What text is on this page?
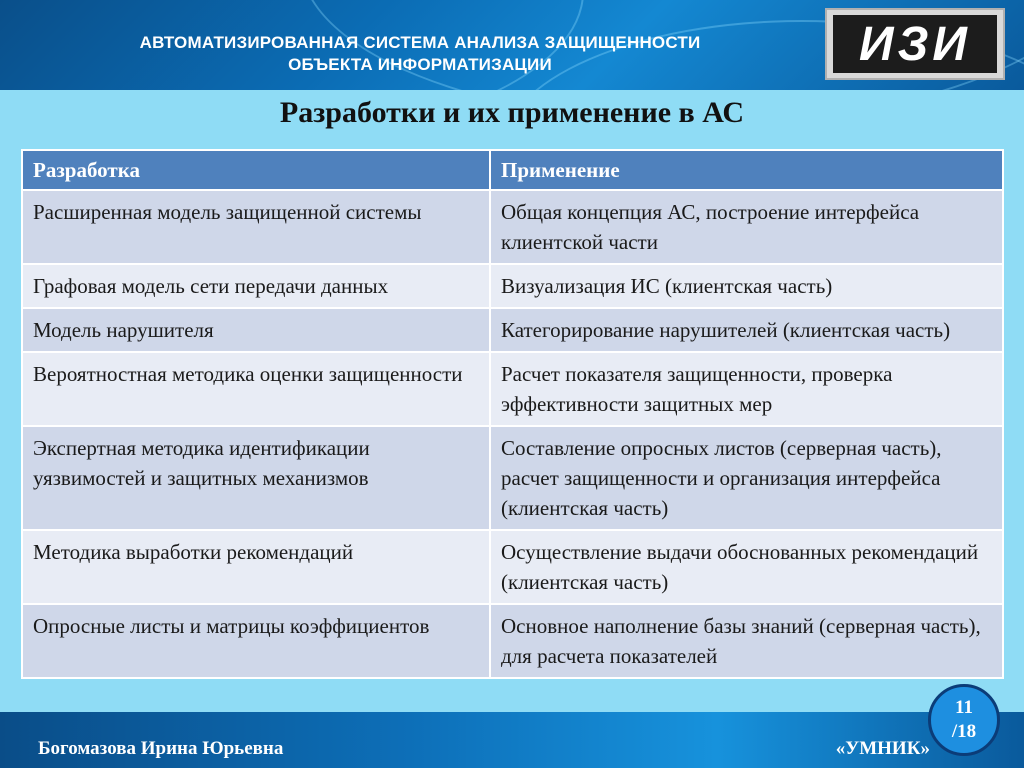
АВТОМАТИЗИРОВАННАЯ СИСТЕМА АНАЛИЗА ЗАЩИЩЕННОСТИ
ОБЪЕКТА ИНФОРМАТИЗАЦИИ	ИЗИ
Разработки и их применение в АС
Разработка	Применение
Расширенная модель защищенной системы	Общая концепция АС, построение интерфейса клиентской части
Графовая модель сети передачи данных	Визуализация ИС (клиентская часть)
Модель нарушителя	Категорирование нарушителей (клиентская часть)
Вероятностная методика оценки защищенности	Расчет показателя защищенности, проверка эффективности защитных мер
Экспертная методика идентификации уязвимостей и защитных механизмов	Составление опросных листов (серверная часть), расчет защищенности и организация интерфейса (клиентская часть)
Методика выработки рекомендаций	Осуществление выдачи обоснованных рекомендаций (клиентская часть)
Опросные листы и матрицы коэффициентов	Основное наполнение базы знаний (серверная часть), для расчета показателей
Богомазова Ирина Юрьевна	«УМНИК»
11
/18
